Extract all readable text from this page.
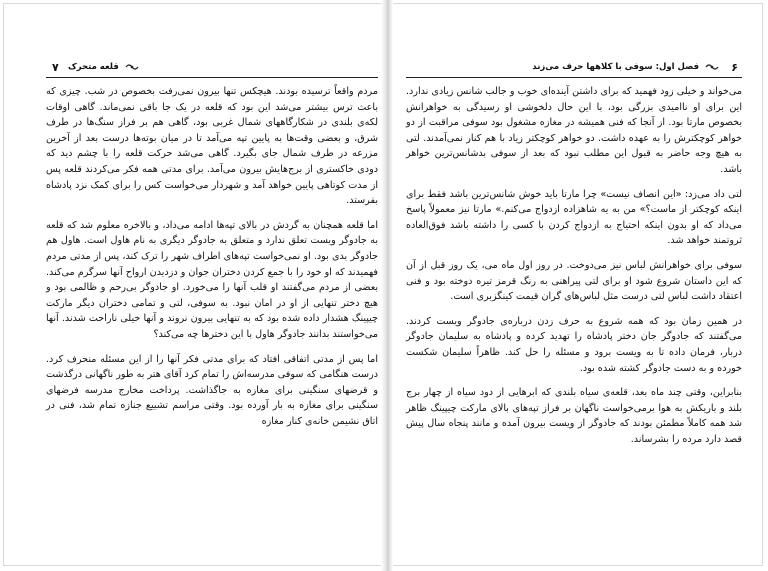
۷ قلعه متحرک

مردم واقعاً ترسیده بودند. هیچکس تنها بیرون نمی‌رفت بخصوص در شب. چیزی که باعث ترس بیشتر می‌شد این بود که قلعه در یک جا باقی نمی‌ماند. گاهی اوقات لکه‌ی بلندی در شکارگاههای شمال غربی بود، گاهی هم بر فراز سنگ‌ها در طرف شرق، و بعضی وقت‌ها به پایین تپه می‌آمد تا در میان بوته‌ها درست بعد از آخرین مزرعه در طرف شمال جای بگیرد. گاهی می‌شد حرکت قلعه را با چشم دید که دودی خاکستری از برج‌هایش بیرون می‌آمد. برای مدتی همه فکر می‌کردند قلعه پس از مدت کوتاهی پایین خواهد آمد و شهردار می‌خواست کس را برای کمک نزد پادشاه بفرستد.

اما قلعه همچنان به گردش در بالای تپه‌ها ادامه می‌داد، و بالاخره معلوم شد که قلعه به جادوگر ویست تعلق ندارد و متعلق به جادوگر دیگری به نام هاول است. هاول هم جادوگر بدی بود. او نمی‌خواست تپه‌های اطراف شهر را ترک کند، پس از مدتی مردم فهمیدند که او خود را با جمع کردن دختران جوان و دزدیدن ارواح آنها سرگرم می‌کند. بعضی از مردم می‌گفتند او قلب آنها را می‌خورد. او جادوگر بی‌رحم و ظالمی بود و هیچ دختر تنهایی از او در امان نبود. به سوفی، لتی و تمامی دختران دیگر مارکت چیپینگ هشدار داده شده بود که به تنهایی بیرون نروند و آنها خیلی ناراحت شدند. آنها می‌خواستند بدانند جادوگر هاول با این دختر‌ها چه می‌کند؟

اما پس از مدتی اتفاقی افتاد که برای مدتی فکر آنها را از این مسئله منحرف کرد. درست هنگامی که سوفی مدرسه‌اش را تمام کرد آقای هتر به طور ناگهانی درگذشت و قرضهای سنگینی برای مغازه به جاگذاشت. پرداخت مخارج مدرسه فرضهای سنگینی برای مغازه به بار آورده بود. وقتی مراسم تشییع جنازه تمام شد، فنی در اتاق نشیمن خانه‌ی کنار مغازه

۶
فصل اول: سوفی با کلاهها حرف می‌زند

می‌خواند و خیلی زود فهمید که برای داشتن آینده‌ای خوب و جالب شانس زیادی ندارد. این برای او ناامیدی بزرگی بود، با این حال دلخوشی او رسیدگی به خواهرانش بخصوص مارتا بود. از آنجا که فنی همیشه در مغازه مشغول بود سوفی مراقبت از دو خواهر کوچکترش را به عهده داشت. دو خواهر کوچکتر زیاد با هم کنار نمی‌آمدند. لتی به هیچ وجه حاضر به قبول این مطلب نبود که بعد از سوفی بدشانس‌ترین خواهر باشد.

لتی داد می‌زد: «این انصاف نیست» چرا مارتا باید خوش شانس‌ترین باشد فقط برای اینکه کوچکتر از ماست؟» من به یه شاهزاده ازدواج می‌کنم.» مارتا نیز معمولاً پاسخ می‌داد که او بدون اینکه احتیاج به ازدواج کردن با کسی را داشته باشد فوق‌العاده ثروتمند خواهد شد.

سوفی برای خواهرانش لباس نیز می‌دوخت. در روز اول ماه می، یک روز قبل از آن که این داستان شروع شود او برای لتی پیراهنی به رنگ قرمز تیره دوخته بود و فنی اعتقاد داشت لباس لتی درست مثل لباس‌های گران قیمت کینگزبری است.

در همین زمان بود که همه شروع به حرف زدن درباره‌ی جادوگر ویست کردند. می‌گفتند که جادوگر جان دختر پادشاه را تهدید کرده و پادشاه به سلیمان جادوگر دربار، فرمان داده تا به ویست برود و مسئله را حل کند. ظاهراً سلیمان شکست خورده و به دست جادوگر کشته شده بود.

بنابراین، وقتی چند ماه بعد، قلعه‌ی سیاه بلندی که ابرهایی از دود سیاه از چهار برج بلند و باریکش به هوا برمی‌خواست ناگهان بر فراز تپه‌های بالای مارکت چیپینگ ظاهر شد همه کاملاً مطمئن بودند که جادوگر از ویست بیرون آمده و مانند پنجاه سال پیش قصد دارد مرده را بشرساند.
